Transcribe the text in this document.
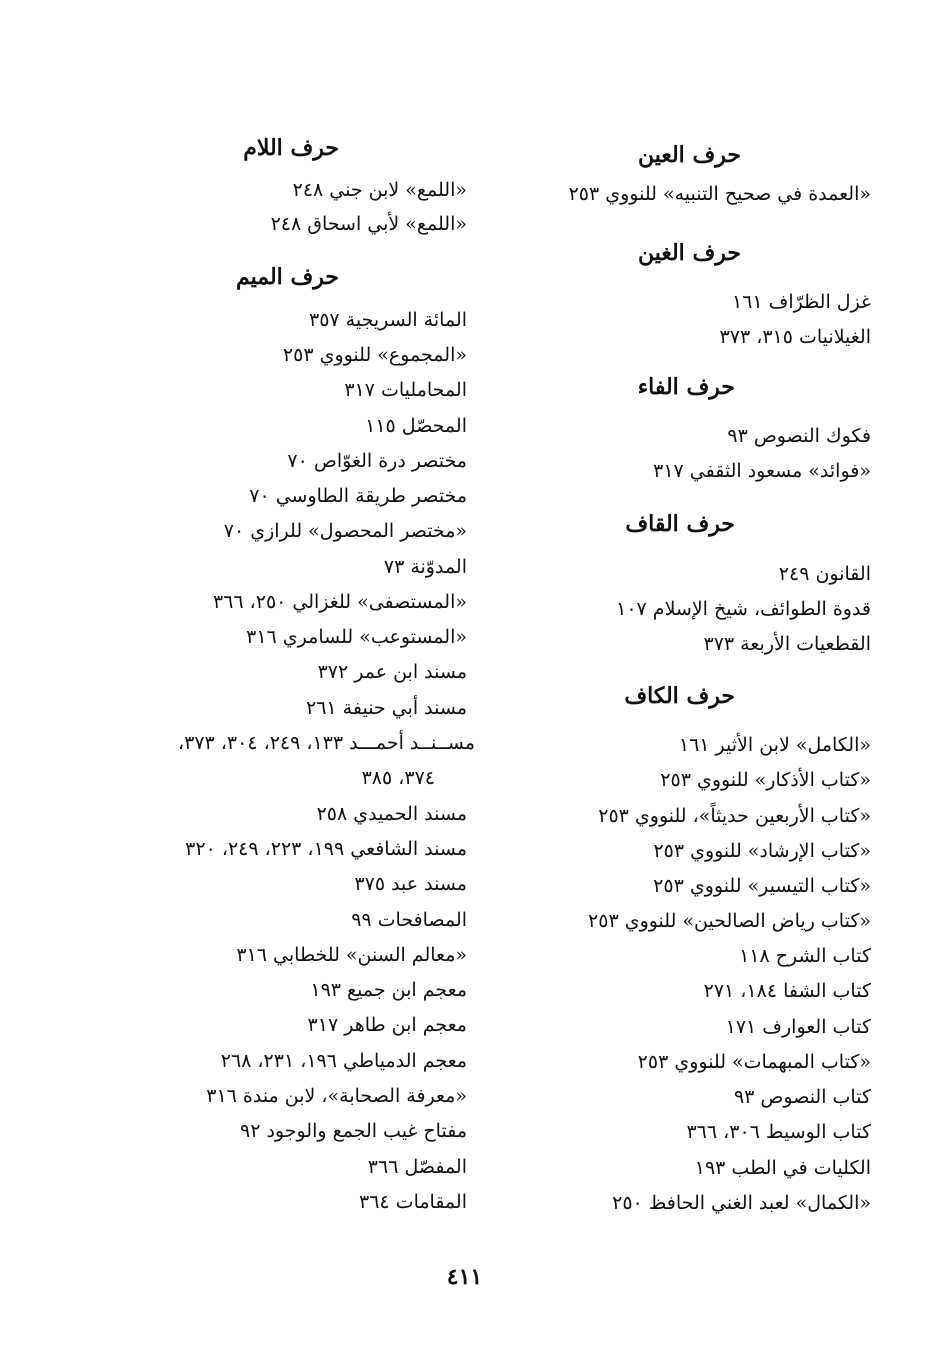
حرف العين
«العمدة في صحيح التنبيه» للنووي ٢٥٣
حرف الغين
غزل الظرّاف ١٦١
الغيلانيات ٣١٥، ٣٧٣
حرف الفاء
فكوك النصوص ٩٣
«فوائد» مسعود الثقفي ٣١٧
حرف القاف
القانون ٢٤٩
قدوة الطوائف، شيخ الإسلام ١٠٧
القطعيات الأربعة ٣٧٣
حرف الكاف
«الكامل» لابن الأثير ١٦١
«كتاب الأذكار» للنووي ٢٥٣
«كتاب الأربعين حديثاً»، للنووي ٢٥٣
«كتاب الإرشاد» للنووي ٢٥٣
«كتاب التيسير» للنووي ٢٥٣
«كتاب رياض الصالحين» للنووي ٢٥٣
كتاب الشرح ١١٨
كتاب الشفا ١٨٤، ٢٧١
كتاب العوارف ١٧١
«كتاب المبهمات» للنووي ٢٥٣
كتاب النصوص ٩٣
كتاب الوسيط ٣٠٦، ٣٦٦
الكليات في الطب ١٩٣
«الكمال» لعبد الغني الحافظ ٢٥٠
حرف اللام
«اللمع» لابن جني ٢٤٨
«اللمع» لأبي اسحاق ٢٤٨
حرف الميم
المائة السريجية ٣٥٧
«المجموع» للنووي ٢٥٣
المحامليات ٣١٧
المحصّل ١١٥
مختصر درة الغوّاص ٧٠
مختصر طريقة الطاوسي ٧٠
«مختصر المحصول» للرازي ٧٠
المدوّنة ٧٣
«المستصفى» للغزالي ٢٥٠، ٣٦٦
«المستوعب» للسامري ٣١٦
مسند ابن عمر ٣٧٢
مسند أبي حنيفة ٢٦١
مســنــد أحمـــد ١٣٣، ٢٤٩، ٣٠٤، ٣٧٣،
٣٧٤، ٣٨٥
مسند الحميدي ٢٥٨
مسند الشافعي ١٩٩، ٢٢٣، ٢٤٩، ٣٢٠
مسند عبد ٣٧٥
المصافحات ٩٩
«معالم السنن» للخطابي ٣١٦
معجم ابن جميع ١٩٣
معجم ابن طاهر ٣١٧
معجم الدمياطي ١٩٦، ٢٣١، ٢٦٨
«معرفة الصحابة»، لابن مندة ٣١٦
مفتاح غيب الجمع والوجود ٩٢
المفصّل ٣٦٦
المقامات ٣٦٤
٤١١
